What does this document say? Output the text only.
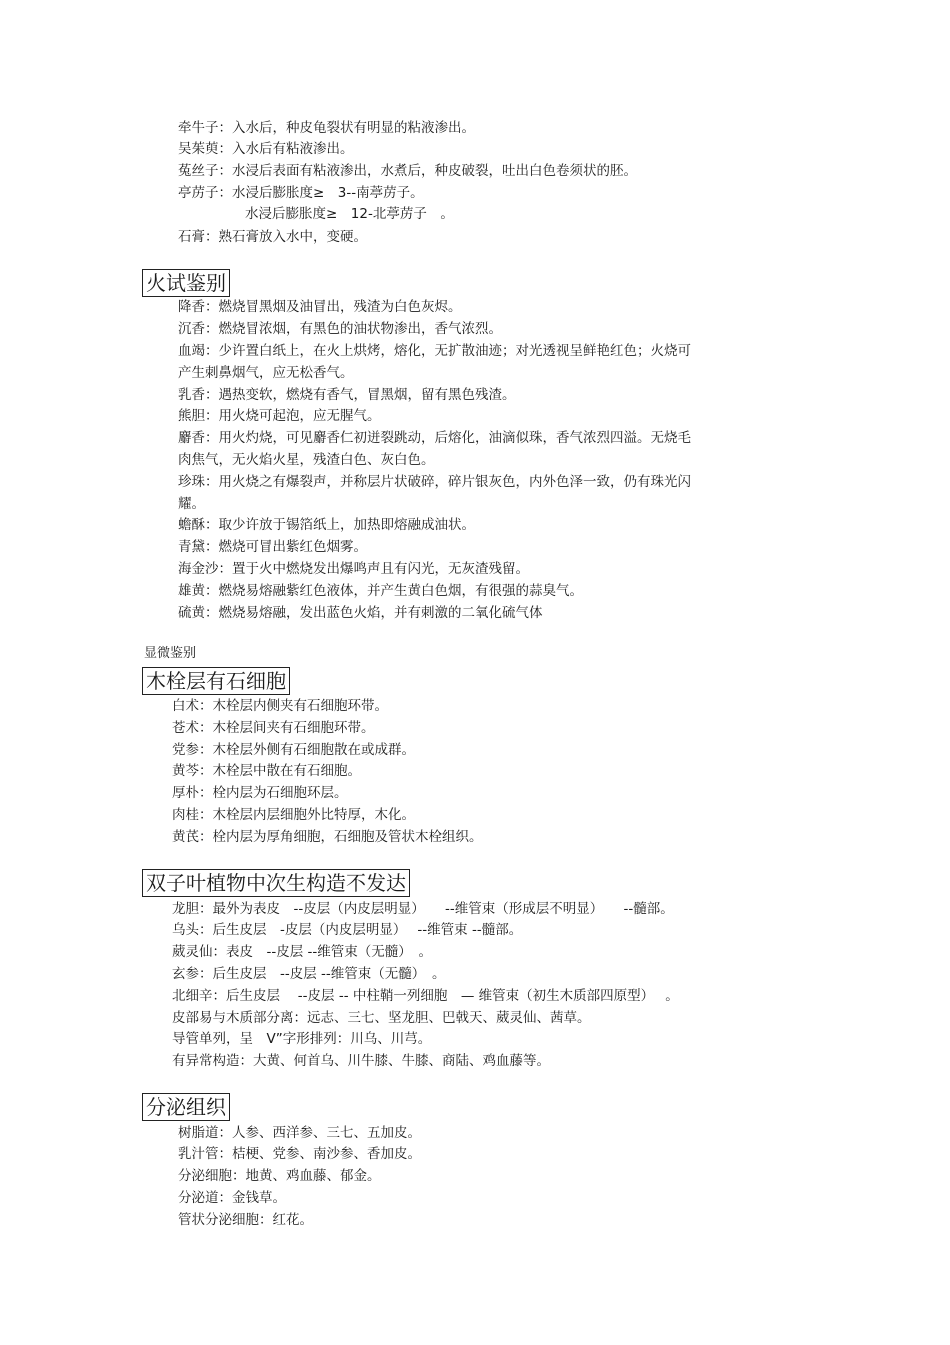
牵牛子：入水后，种皮龟裂状有明显的粘液渗出。
吴茱萸：入水后有粘液渗出。
菟丝子：水浸后表面有粘液渗出，水煮后，种皮破裂，吐出白色卷须状的胚。
亭苈子：水浸后膨胀度≥　3--南葶苈子。
水浸后膨胀度≥　12-北葶苈子　。
石膏：熟石膏放入水中，变硬。
火试鉴别
降香：燃烧冒黑烟及油冒出，残渣为白色灰烬。
沉香：燃烧冒浓烟，有黑色的油状物渗出，香气浓烈。
血竭：少许置白纸上，在火上烘烤，熔化，无扩散油迹；对光透视呈鲜艳红色；火烧可
产生刺鼻烟气，应无松香气。
乳香：遇热变软，燃烧有香气，冒黑烟，留有黑色残渣。
熊胆：用火烧可起泡，应无腥气。
麝香：用火灼烧，可见麝香仁初迸裂跳动，后熔化，油滴似珠，香气浓烈四溢。无烧毛
肉焦气，无火焰火星，残渣白色、灰白色。
珍珠：用火烧之有爆裂声，并称层片状破碎，碎片银灰色，内外色泽一致，仍有珠光闪
耀。
蟾酥：取少许放于锡箔纸上，加热即熔融成油状。
青黛：燃烧可冒出紫红色烟雾。
海金沙：置于火中燃烧发出爆鸣声且有闪光，无灰渣残留。
雄黄：燃烧易熔融紫红色液体，并产生黄白色烟，有很强的蒜臭气。
硫黄：燃烧易熔融，发出蓝色火焰，并有刺激的二氧化硫气体
显微鉴别
木栓层有石细胞
白术：木栓层内侧夹有石细胞环带。
苍术：木栓层间夹有石细胞环带。
党参：木栓层外侧有石细胞散在或成群。
黄芩：木栓层中散在有石细胞。
厚朴：栓内层为石细胞环层。
肉桂：木栓层内层细胞外比特厚，木化。
黄芪：栓内层为厚角细胞，石细胞及管状木栓组织。
双子叶植物中次生构造不发达
龙胆：最外为表皮　--皮层（内皮层明显）　　--维管束（形成层不明显）　　--髓部。
乌头：后生皮层　-皮层（内皮层明显）　 --维管束 --髓部。
葳灵仙：表皮　--皮层 --维管束（无髓）　。
玄参：后生皮层　--皮层 --维管束（无髓）　。
北细辛：后生皮层　 --皮层 -- 中柱鞘一列细胞　— 维管束（初生木质部四原型）　 。
皮部易与木质部分离：远志、三七、坚龙胆、巴戟天、葳灵仙、茜草。
导管单列，呈　V”字形排列：川乌、川芎。
有异常构造：大黄、何首乌、川牛膝、牛膝、商陆、鸡血藤等。
分泌组织
树脂道：人参、西洋参、三七、五加皮。
乳汁管：桔梗、党参、南沙参、香加皮。
分泌细胞：地黄、鸡血藤、郁金。
分泌道：金钱草。
管状分泌细胞：红花。
